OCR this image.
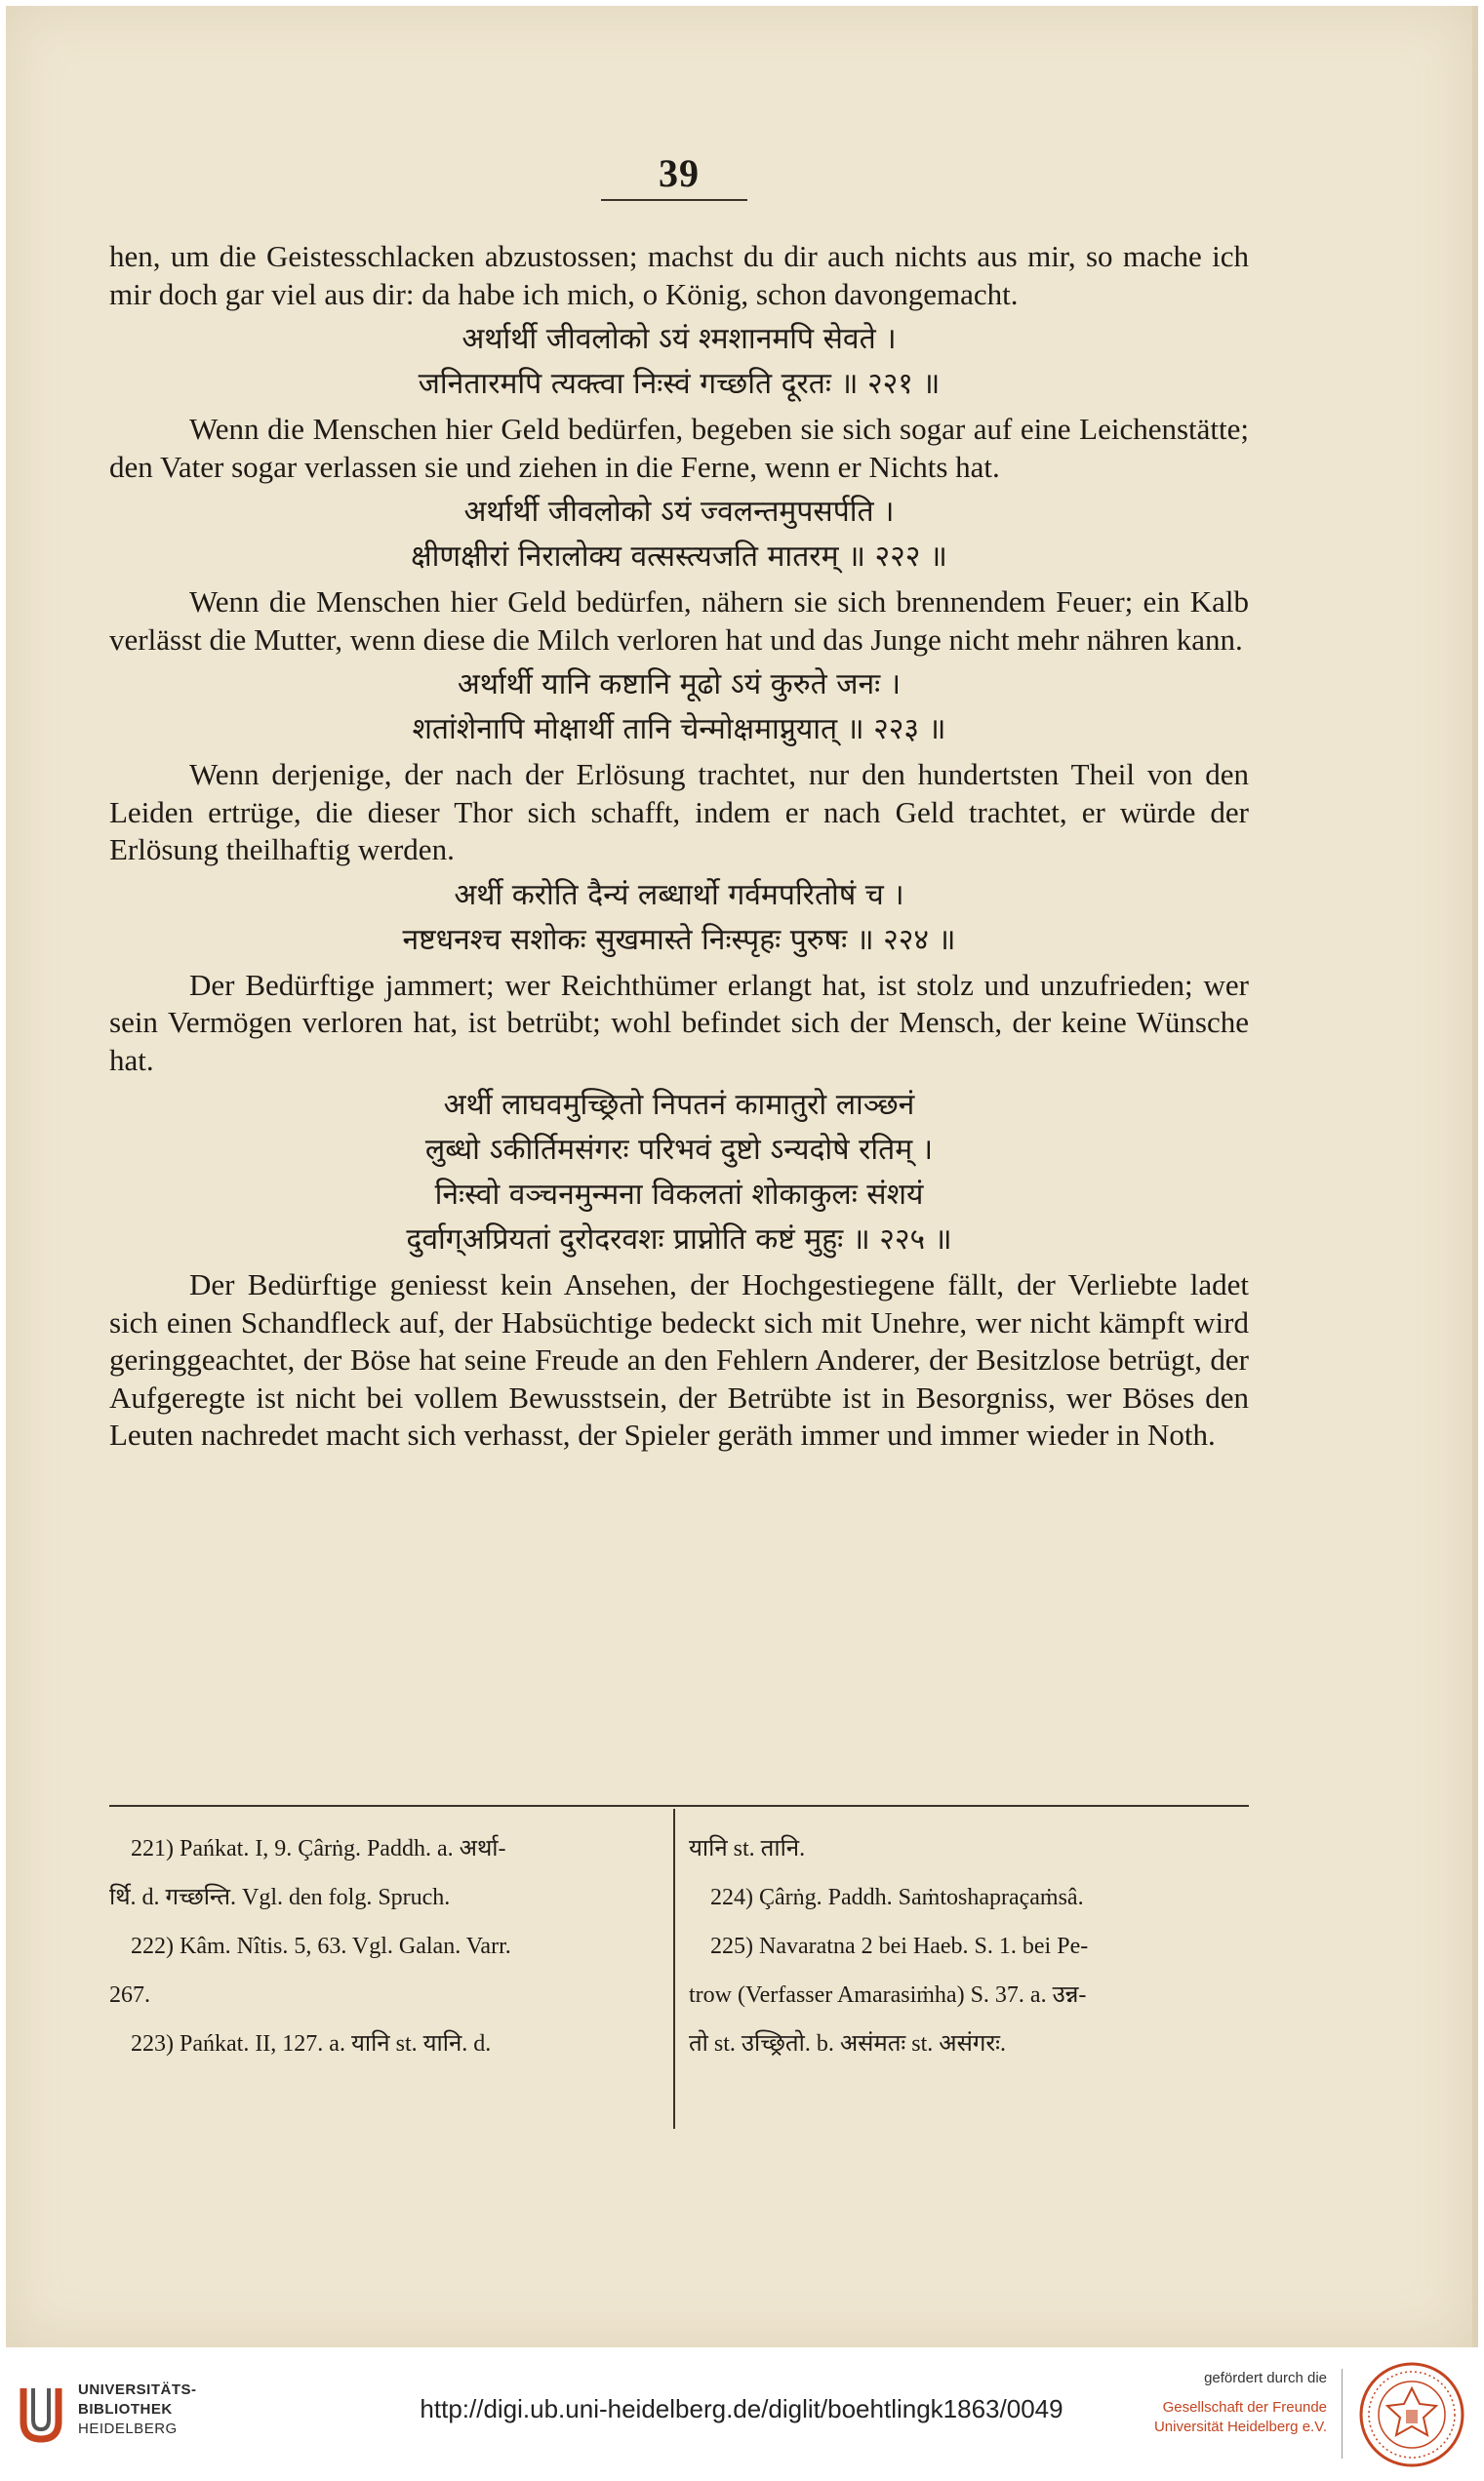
39

hen, um die Geistesschlacken abzustossen; machst du dir auch nichts aus mir, so mache ich mir doch gar viel aus dir: da habe ich mich, o König, schon davongemacht.

अर्थार्थी जीवलोको ऽयं श्मशानमपि सेवते ।
जनितारमपि त्यक्त्वा निःस्वं गच्छति दूरतः ॥ २२१ ॥

Wenn die Menschen hier Geld bedürfen, begeben sie sich sogar auf eine Leichenstätte; den Vater sogar verlassen sie und ziehen in die Ferne, wenn er Nichts hat.

अर्थार्थी जीवलोको ऽयं ज्वलन्तमुपसर्पति ।
क्षीणक्षीरां निरालोक्य वत्सस्त्यजति मातरम् ॥ २२२ ॥

Wenn die Menschen hier Geld bedürfen, nähern sie sich brennendem Feuer; ein Kalb verlässt die Mutter, wenn diese die Milch verloren hat und das Junge nicht mehr nähren kann.

अर्थार्थी यानि कष्टानि मूढो ऽयं कुरुते जनः ।
शतांशेनापि मोक्षार्थी तानि चेन्मोक्षमाप्नुयात् ॥ २२३ ॥

Wenn derjenige, der nach der Erlösung trachtet, nur den hundertsten Theil von den Leiden ertrüge, die dieser Thor sich schafft, indem er nach Geld trachtet, er würde der Erlösung theilhaftig werden.

अर्थी करोति दैन्यं लब्धार्थो गर्वमपरितोषं च ।
नष्टधनश्च सशोकः सुखमास्ते निःस्पृहः पुरुषः ॥ २२४ ॥

Der Bedürftige jammert; wer Reichthümer erlangt hat, ist stolz und unzufrieden; wer sein Vermögen verloren hat, ist betrübt; wohl befindet sich der Mensch, der keine Wünsche hat.

अर्थी लाघवमुच्छ्रितो निपतनं कामातुरो लाञ्छनं
लुब्धो ऽकीर्तिमसंगरः परिभवं दुष्टो ऽन्यदोषे रतिम् ।
निःस्वो वञ्चनमुन्मना विकलतां शोकाकुलः संशयं
दुर्वाग्अप्रियतां दुरोदरवशः प्राप्नोति कष्टं मुहुः ॥ २२५ ॥

Der Bedürftige geniesst kein Ansehen, der Hochgestiegene fällt, der Verliebte ladet sich einen Schandfleck auf, der Habsüchtige bedeckt sich mit Unehre, wer nicht kämpft wird geringgeachtet, der Böse hat seine Freude an den Fehlern Anderer, der Besitzlose betrügt, der Aufgeregte ist nicht bei vollem Bewusstsein, der Betrübte ist in Besorgniss, wer Böses den Leuten nachredet macht sich verhasst, der Spieler geräth immer und immer wieder in Noth.

221) Pańkat. I, 9. Çârṅg. Paddh. a. अर्था-

र्थि. d. गच्छन्ति. Vgl. den folg. Spruch.

222) Kâm. Nîtis. 5, 63. Vgl. Galan. Varr.

267.

223) Pańkat. II, 127. a. यानि st. यानि. d.

यानि st. तानि.

224) Çârṅg. Paddh. Saṁtoshapraçaṁsâ.

225) Navaratna 2 bei Haeb. S. 1. bei Pe-

trow (Verfasser Amarasiṁha) S. 37. a. उन्न-

तो st. उच्छ्रितो. b. असंमतः st. असंगरः.

UNIVERSITÄTS-
BIBLIOTHEK
HEIDELBERG
http://digi.ub.uni-heidelberg.de/diglit/boehtlingk1863/0049
gefördert durch die
Gesellschaft der Freunde
Universität Heidelberg e.V.
